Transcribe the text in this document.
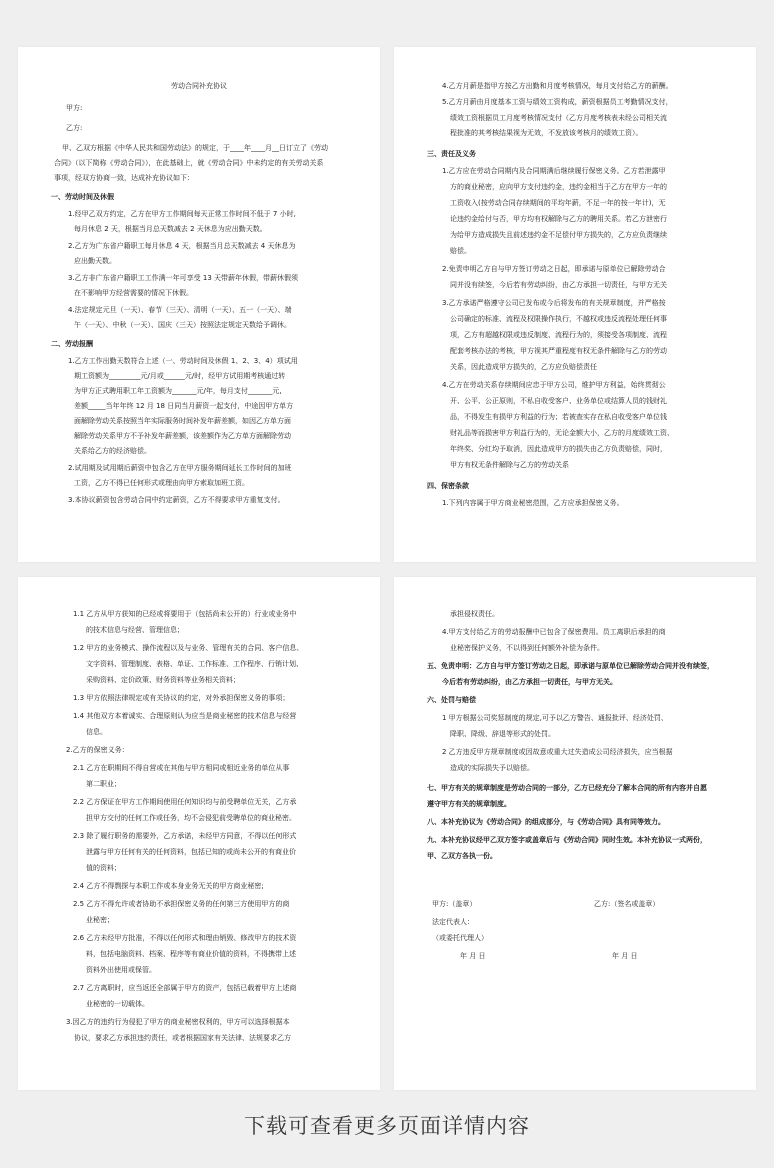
劳动合同补充协议
甲方:
乙方:
甲、乙双方根据《中华人民共和国劳动法》的规定，于____年____月__日订立了《劳动
合同》（以下简称《劳动合同》），在此基础上，就《劳动合同》中未约定的有关劳动关系
事项，经双方协商一致，达成补充协议如下：
一、劳动时间及休假
1.经甲乙双方约定，乙方在甲方工作期间每天正常工作时间不低于 7 小时,
每月休息 2 天，根据当月总天数减去 2 天休息为应出勤天数。
2.乙方为广东省户籍职工每月休息 4 天，根据当月总天数减去 4 天休息为
应出勤天数。
3.乙方非广东省户籍职工工作满一年可享受 13 天带薪年休假，带薪休假须
在不影响甲方经营需要的情况下休假。
4.法定规定元旦（一天）、春节（三天）、清明（一天）、五一（一天）、端
午（一天）、中秋（一天）、国庆（三天）按照法定规定天数给予调休。
二、劳动报酬
1.乙方工作出勤天数符合上述（一、劳动时间及休假 1、2、3、4）项试用
期工资额为_________元/月或______元/时，经甲方试用期考核通过转
为甲方正式聘用职工年工资额为_______元/年，每月支付_______元,
差额_____当年年终 12 月 18 日同当月薪资一起支付，中途因甲方单方
面解除劳动关系按照当年实际服务时间补发年薪差额，如因乙方单方面
解除劳动关系甲方不予补发年薪差额，该差额作为乙方单方面解除劳动
关系给乙方的经济赔偿。
2.试用期及试用期后薪资中包含乙方在甲方服务期间延长工作时间的加班
工资，乙方不得已任何形式或理由向甲方索取加班工资。
3.本协议薪资包含劳动合同中约定薪资，乙方不得要求甲方重复支付。
4.乙方月薪是指甲方按乙方出勤和月度考核情况，每月支付给乙方的薪酬。
5.乙方月薪由月度基本工资与绩效工资构成，薪资根据员工考勤情况支付，
绩效工资根据员工月度考核情况支付（乙方月度考核表未经公司相关流
程批准的其考核结果视为无效，不发放该考核月的绩效工资）。
三、责任及义务
1.乙方应在劳动合同期内及合同期满后继续履行保密义务。乙方若泄露甲
方的商业秘密，应向甲方支付违约金，违约金相当于乙方在甲方一年的
工资收入(按劳动合同存续期间的平均年薪，不足一年的按一年计)，无
论违约金给付与否，甲方均有权解除与乙方的聘用关系。若乙方泄密行
为给甲方造成损失且前述违约金不足偿付甲方损失的，乙方应负责继续
赔偿。
2.免责申明乙方自与甲方签订劳动之日起，即承诺与原单位已解除劳动合
同并没有续签，今后若有劳动纠纷，由乙方承担一切责任，与甲方无关
3.乙方承诺严格遵守公司已发布或今后将发布的有关规章制度，并严格按
公司确定的标准、流程及权限操作执行，不越权或违反流程处理任何事
项，乙方有超越权限或违反制度、流程行为的，须接受各项制度、流程
配套考核办法的考核，甲方视其严重程度有权无条件解除与乙方的劳动
关系，因此造成甲方损失的，乙方应负赔偿责任
4.乙方在劳动关系存续期间应忠于甲方公司，维护甲方利益，始终贯彻公
开、公平、公正原则，不私自收受客户、业务单位或结算人员的钱财礼
品，不得发生有损甲方利益的行为；若被查实存在私自收受客户单位钱
财礼品等而损害甲方利益行为的，无论金额大小，乙方的月度绩效工资、
年终奖、分红均予取消，因此造成甲方的损失由乙方负责赔偿，同时，
甲方有权无条件解除与乙方的劳动关系
四、保密条款
1.下列内容属于甲方商业秘密范围，乙方应承担保密义务。
1.1 乙方从甲方获知的已经或将要用于（包括尚未公开的）行业或业务中
的技术信息与经营、管理信息；
1.2 甲方的业务模式、操作流程以及与业务、管理有关的合同、客户信息、
文字资料、管理制度、表格、单证、工作标准、工作程序、行销计划、
采购资料、定价政策、财务资料等业务相关资料；
1.3 甲方依照法律规定或有关协议的约定，对外承担保密义务的事项；
1.4 其他双方本着诚实、合理原则认为应当是商业秘密的技术信息与经营
信息。
2.乙方的保密义务：
2.1 乙方在职期间不得自营或在其他与甲方相同或相近业务的单位从事
第二职业；
2.2 乙方保证在甲方工作期间使用任何知识均与前受聘单位无关，乙方承
担甲方交付的任何工作或任务，均不会侵犯前受聘单位的商业秘密。
2.3 除了履行职务的需要外，乙方承诺，未经甲方同意，不得以任何形式
泄露与甲方任何有关的任何资料，包括已知的或尚未公开的有商业价
值的资料；
2.4 乙方不得剽探与本职工作或本身业务无关的甲方商业秘密;
2.5 乙方不得允许或者协助不承担保密义务的任何第三方使用甲方的商
业秘密；
2.6 乙方未经甲方批准，不得以任何形式和理由销毁、修改甲方的技术资
料，包括电脑资料、档案、程序等有商业价值的资料，不得携带上述
资料外出使用或保管。
2.7 乙方离职时，应当返还全部属于甲方的资产，包括已载着甲方上述商
业秘密的一切载体。
3.因乙方的违约行为侵犯了甲方的商业秘密权利的，甲方可以选择根据本
协议，要求乙方承担违约责任，或者根据国家有关法律、法规要求乙方
承担侵权责任。
4.甲方支付给乙方的劳动报酬中已包含了保密费用。员工离职后承担的商
业秘密保护义务，不以得到任何额外补偿为条件。
五、免责申明：乙方自与甲方签订劳动之日起，即承诺与原单位已解除劳动合同并没有续签，
今后若有劳动纠纷，由乙方承担一切责任，与甲方无关。
六、处罚与赔偿
1 甲方根据公司奖惩制度的规定,可予以乙方警告、通报批评、经济处罚、
降职、降级、辞退等形式的处罚。
2 乙方违反甲方规章制度或因故意或重大过失造成公司经济损失，应当根据
造成的实际损失予以赔偿。
七、甲方有关的规章制度是劳动合同的一部分，乙方已经充分了解本合同的所有内容并自愿
遵守甲方有关的规章制度。
八、本补充协议为《劳动合同》的组成部分，与《劳动合同》具有同等效力。
九、本补充协议经甲乙双方签字或盖章后与《劳动合同》同时生效。本补充协议一式两份，
甲、乙双方各执一份。
甲方:（盖章）	乙方:（签名或盖章）
法定代表人：
（或委托代理人）
年 月 日	年 月 日
下载可查看更多页面详情内容
